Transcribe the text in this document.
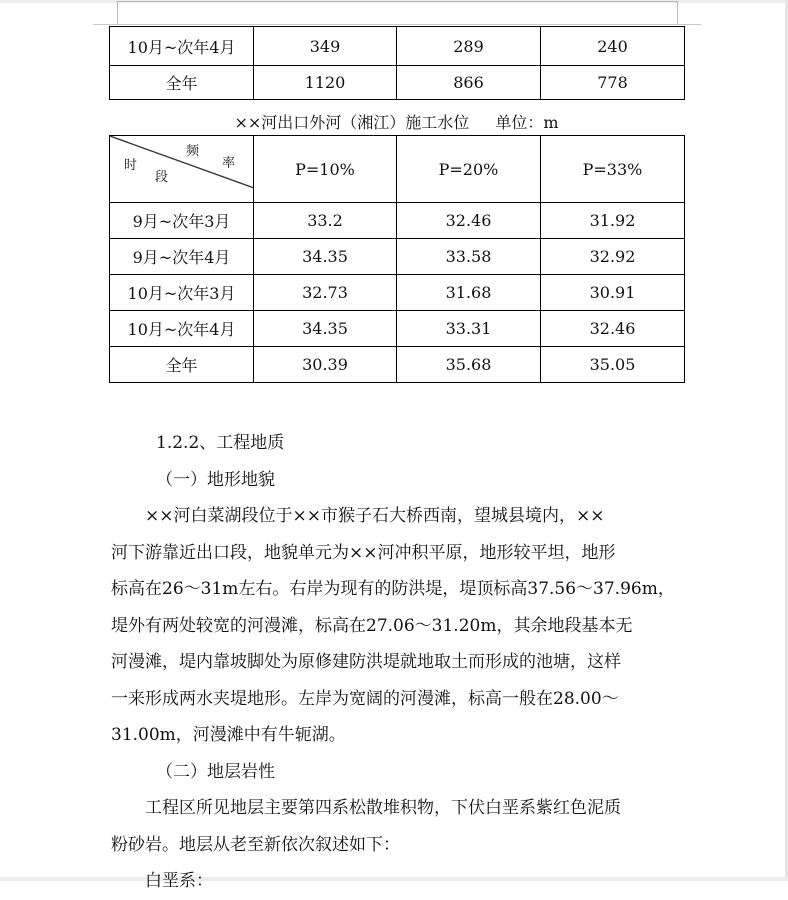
10月~次年4月	349	289	240
全年	1120	866	778
××河出口外河（湘江）施工水位 单位：m
频
率
时
段	P=10%	P=20%	P=33%
9月~次年3月	33.2	32.46	31.92
9月~次年4月	34.35	33.58	32.92
10月~次年3月	32.73	31.68	30.91
10月~次年4月	34.35	33.31	32.46
全年	30.39	35.68	35.05

1.2.2、工程地质

（一）地形地貌

××河白菜湖段位于××市猴子石大桥西南，望城县境内，××

河下游靠近出口段，地貌单元为××河冲积平原，地形较平坦，地形

标高在26～31m左右。右岸为现有的防洪堤，堤顶标高37.56～37.96m，

堤外有两处较宽的河漫滩，标高在27.06～31.20m，其余地段基本无

河漫滩，堤内靠坡脚处为原修建防洪堤就地取土而形成的池塘，这样

一来形成两水夹堤地形。左岸为宽阔的河漫滩，标高一般在28.00～

31.00m，河漫滩中有牛轭湖。

（二）地层岩性

工程区所见地层主要第四系松散堆积物，下伏白垩系紫红色泥质

粉砂岩。地层从老至新依次叙述如下：

白垩系：
